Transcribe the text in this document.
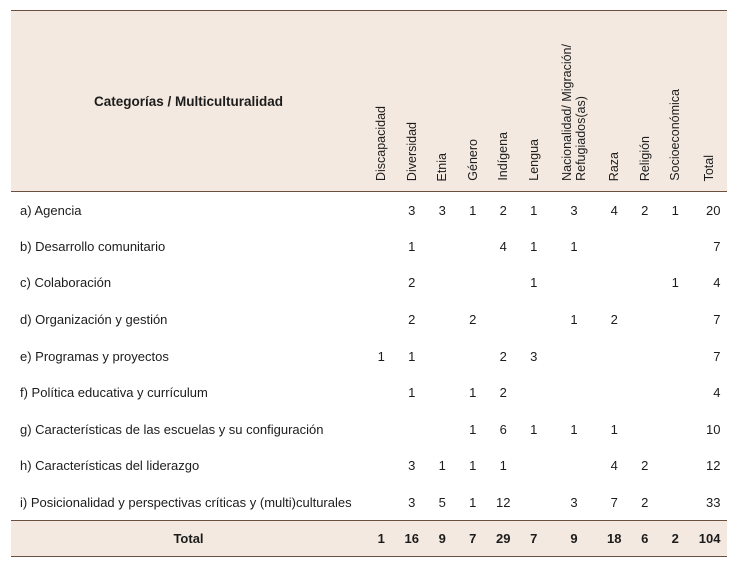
Categorías / Multiculturalidad	Discapacidad	Diversidad	Etnia	Género	Indígena	Lengua	Nacionalidad/ Migración/
Refugiados(as)	Raza	Religión	Socioeconómica	Total

a) Agencia		3	3	1	2	1	3	4	2	1	20
b) Desarrollo comunitario		1			4	1	1				7
c) Colaboración		2				1				1	4
d) Organización y gestión		2		2			1	2			7
e) Programas y proyectos	1	1			2	3					7
f) Política educativa y currículum		1		1	2						4
g) Características de las escuelas y su configuración				1	6	1	1	1			10
h) Características del liderazgo		3	1	1	1			4	2		12
i) Posicionalidad y perspectivas críticas y (multi)culturales		3	5	1	12		3	7	2		33
Total	1	16	9	7	29	7	9	18	6	2	104
